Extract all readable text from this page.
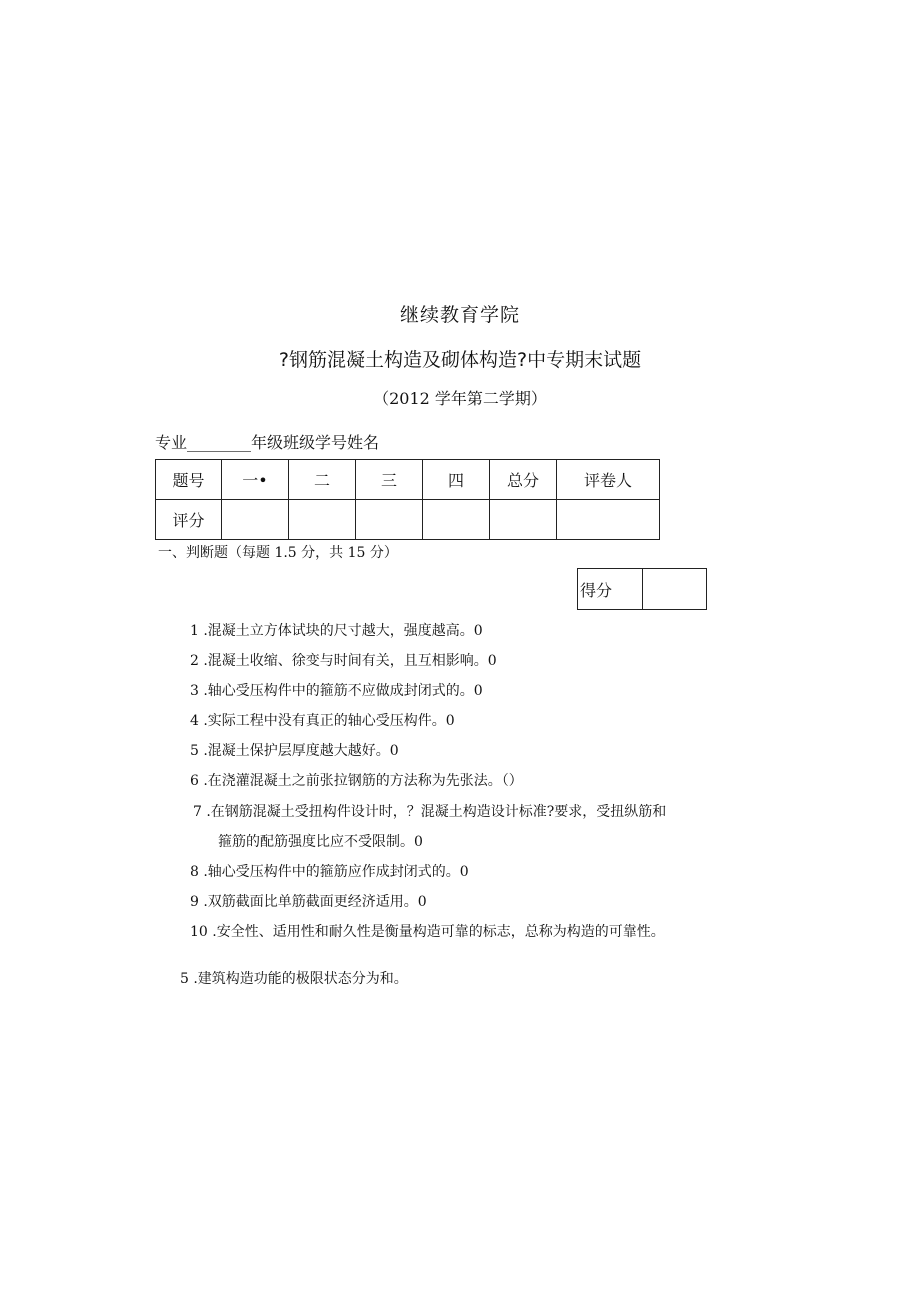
继续教育学院
?钢筋混凝土构造及砌体构造?中专期末试题
（2012 学年第二学期）
专业________年级班级学号姓名
题号	一•	二	三	四	总分	评卷人
评分						
一、判断题（每题 1.5 分，共 15 分）
得分	
1 .混凝土立方体试块的尺寸越大，强度越高。0
2 .混凝土收缩、徐变与时间有关，且互相影响。0
3 .轴心受压构件中的箍筋不应做成封闭式的。0
4 .实际工程中没有真正的轴心受压构件。0
5 .混凝土保护层厚度越大越好。0
6 .在浇灌混凝土之前张拉钢筋的方法称为先张法。（）
7 .在钢筋混凝土受扭构件设计时，？混凝土构造设计标准?要求，受扭纵筋和
箍筋的配筋强度比应不受限制。0
8 .轴心受压构件中的箍筋应作成封闭式的。0
9 .双筋截面比单筋截面更经济适用。0
10 .安全性、适用性和耐久性是衡量构造可靠的标志，总称为构造的可靠性。
5 .建筑构造功能的极限状态分为和。
